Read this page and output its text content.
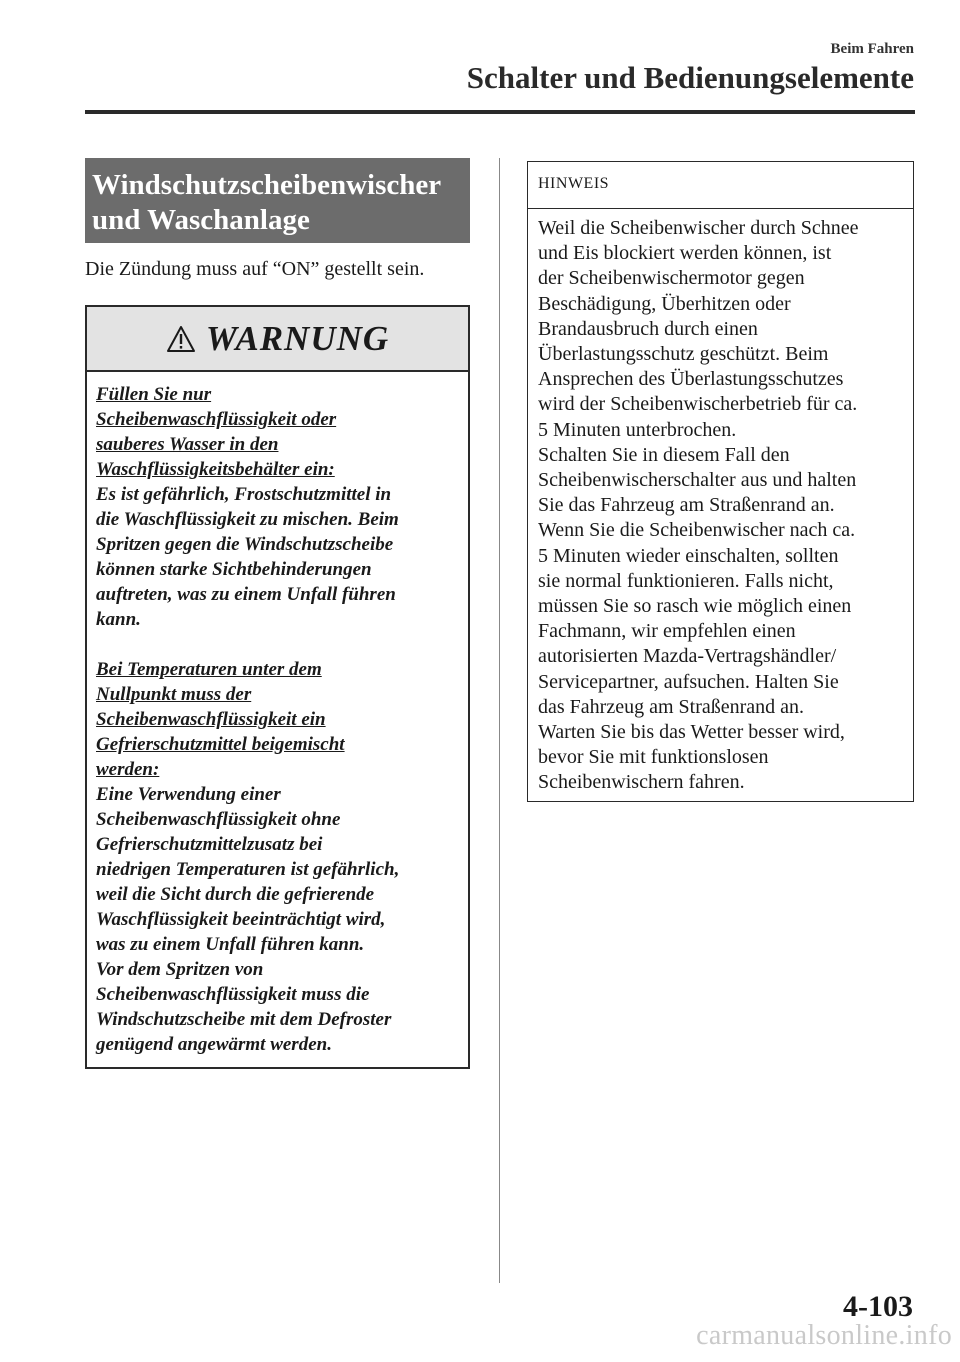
Beim Fahren
Schalter und Bedienungselemente
Windschutzscheibenwischer
und Waschanlage
Die Zündung muss auf “ON” gestellt sein.
WARNUNG
Füllen Sie nur
Scheibenwaschflüssigkeit oder
sauberes Wasser in den
Waschflüssigkeitsbehälter ein:
Es ist gefährlich, Frostschutzmittel in
die Waschflüssigkeit zu mischen. Beim
Spritzen gegen die Windschutzscheibe
können starke Sichtbehinderungen
auftreten, was zu einem Unfall führen
kann.
Bei Temperaturen unter dem
Nullpunkt muss der
Scheibenwaschflüssigkeit ein
Gefrierschutzmittel beigemischt
werden:
Eine Verwendung einer
Scheibenwaschflüssigkeit ohne
Gefrierschutzmittelzusatz bei
niedrigen Temperaturen ist gefährlich,
weil die Sicht durch die gefrierende
Waschflüssigkeit beeinträchtigt wird,
was zu einem Unfall führen kann.
Vor dem Spritzen von
Scheibenwaschflüssigkeit muss die
Windschutzscheibe mit dem Defroster
genügend angewärmt werden.
HINWEIS
Weil die Scheibenwischer durch Schnee
und Eis blockiert werden können, ist
der Scheibenwischermotor gegen
Beschädigung, Überhitzen oder
Brandausbruch durch einen
Überlastungsschutz geschützt. Beim
Ansprechen des Überlastungsschutzes
wird der Scheibenwischerbetrieb für ca.
5 Minuten unterbrochen.
Schalten Sie in diesem Fall den
Scheibenwischerschalter aus und halten
Sie das Fahrzeug am Straßenrand an.
Wenn Sie die Scheibenwischer nach ca.
5 Minuten wieder einschalten, sollten
sie normal funktionieren. Falls nicht,
müssen Sie so rasch wie möglich einen
Fachmann, wir empfehlen einen
autorisierten Mazda-Vertragshändler/
Servicepartner, aufsuchen. Halten Sie
das Fahrzeug am Straßenrand an.
Warten Sie bis das Wetter besser wird,
bevor Sie mit funktionslosen
Scheibenwischern fahren.
4-103
carmanualsonline.info
